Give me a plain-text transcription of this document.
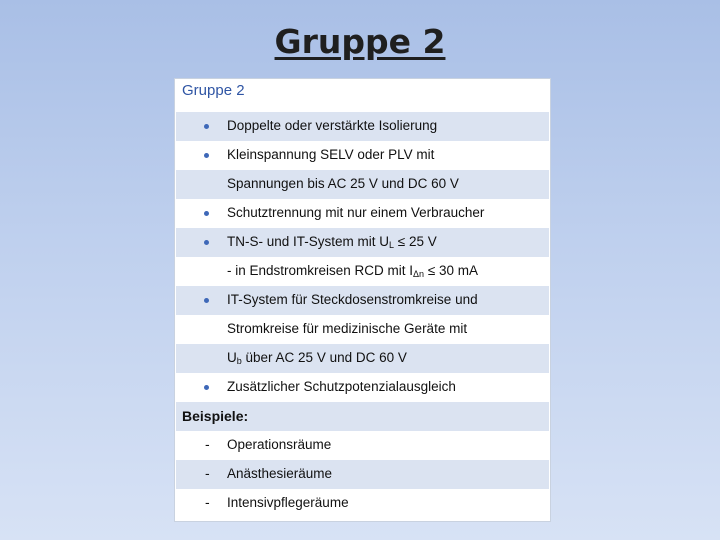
Gruppe 2
Gruppe 2
Doppelte oder verstärkte Isolierung
Kleinspannung SELV oder PLV mit
Spannungen bis AC 25 V und DC 60 V
Schutztrennung mit nur einem Verbraucher
TN-S- und IT-System mit $U_L \le 25$ V
- in Endstromkreisen RCD mit $I_{\Delta n} \le 30$ mA
IT-System für Steckdosenstromkreise und
Stromkreise für medizinische Geräte mit
$U_b$ über AC 25 V und DC 60 V
Zusätzlicher Schutzpotenzialausgleich
Beispiele:
- Operationsräume
- Anästhesieräume
- Intensivpflegeräume
